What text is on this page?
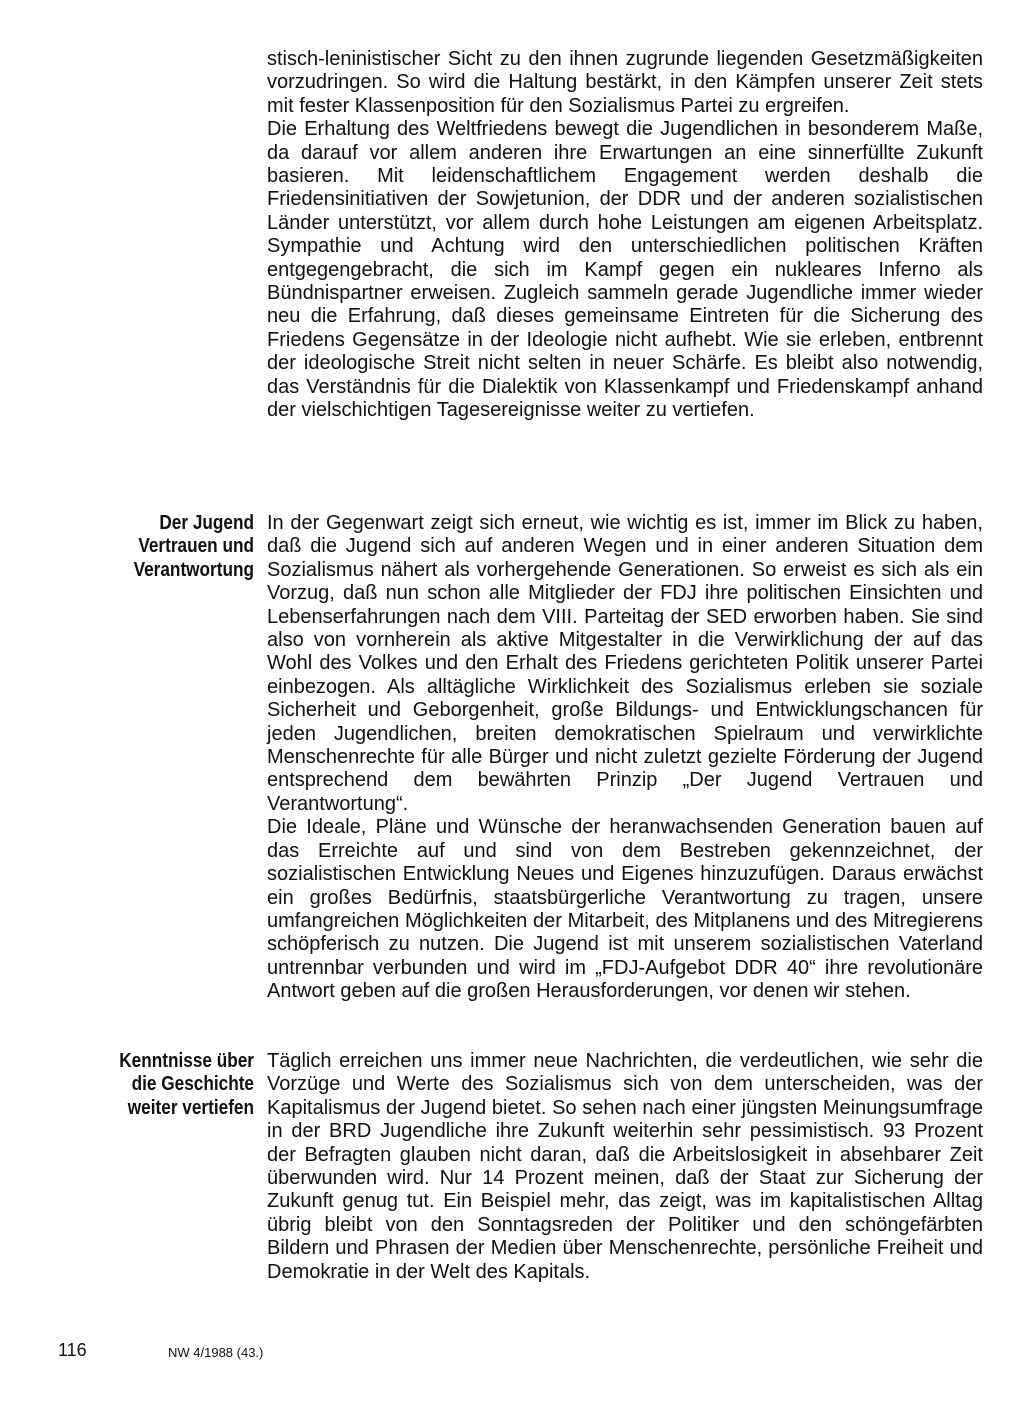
stisch-leninistischer Sicht zu den ihnen zugrunde liegenden Gesetzmäßigkeiten vorzudringen. So wird die Haltung bestärkt, in den Kämpfen unserer Zeit stets mit fester Klassenposition für den Sozialismus Partei zu ergreifen.

Die Erhaltung des Weltfriedens bewegt die Jugendlichen in besonderem Maße, da darauf vor allem anderen ihre Erwartungen an eine sinnerfüllte Zukunft basieren. Mit leidenschaftlichem Engagement werden deshalb die Friedensinitiativen der Sowjetunion, der DDR und der anderen sozialistischen Länder unterstützt, vor allem durch hohe Leistungen am eigenen Arbeitsplatz. Sympathie und Achtung wird den unterschiedlichen politischen Kräften entgegengebracht, die sich im Kampf gegen ein nukleares Inferno als Bündnispartner erweisen. Zugleich sammeln gerade Jugendliche immer wieder neu die Erfahrung, daß dieses gemeinsame Eintreten für die Sicherung des Friedens Gegensätze in der Ideologie nicht aufhebt. Wie sie erleben, entbrennt der ideologische Streit nicht selten in neuer Schärfe. Es bleibt also notwendig, das Verständnis für die Dialektik von Klassenkampf und Friedenskampf anhand der vielschichtigen Tagesereignisse weiter zu vertiefen.

Der Jugend
Vertrauen und
Verantwortung

In der Gegenwart zeigt sich erneut, wie wichtig es ist, immer im Blick zu haben, daß die Jugend sich auf anderen Wegen und in einer anderen Situation dem Sozialismus nähert als vorhergehende Generationen. So erweist es sich als ein Vorzug, daß nun schon alle Mitglieder der FDJ ihre politischen Einsichten und Lebenserfahrungen nach dem VIII. Parteitag der SED erworben haben. Sie sind also von vornherein als aktive Mitgestalter in die Verwirklichung der auf das Wohl des Volkes und den Erhalt des Friedens gerichteten Politik unserer Partei einbezogen. Als alltägliche Wirklichkeit des Sozialismus erleben sie soziale Sicherheit und Geborgenheit, große Bildungs- und Entwicklungschancen für jeden Jugendlichen, breiten demokratischen Spielraum und verwirklichte Menschenrechte für alle Bürger und nicht zuletzt gezielte Förderung der Jugend entsprechend dem bewährten Prinzip „Der Jugend Vertrauen und Verantwortung“.

Die Ideale, Pläne und Wünsche der heranwachsenden Generation bauen auf das Erreichte auf und sind von dem Bestreben gekennzeichnet, der sozialistischen Entwicklung Neues und Eigenes hinzuzufügen. Daraus erwächst ein großes Bedürfnis, staatsbürgerliche Verantwortung zu tragen, unsere umfangreichen Möglichkeiten der Mitarbeit, des Mitplanens und des Mitregierens schöpferisch zu nutzen. Die Jugend ist mit unserem sozialistischen Vaterland untrennbar verbunden und wird im „FDJ-Aufgebot DDR 40“ ihre revolutionäre Antwort geben auf die großen Herausforderungen, vor denen wir stehen.

Kenntnisse über
die Geschichte
weiter vertiefen

Täglich erreichen uns immer neue Nachrichten, die verdeutlichen, wie sehr die Vorzüge und Werte des Sozialismus sich von dem unterscheiden, was der Kapitalismus der Jugend bietet. So sehen nach einer jüngsten Meinungsumfrage in der BRD Jugendliche ihre Zukunft weiterhin sehr pessimistisch. 93 Prozent der Befragten glauben nicht daran, daß die Arbeitslosigkeit in absehbarer Zeit überwunden wird. Nur 14 Prozent meinen, daß der Staat zur Sicherung der Zukunft genug tut. Ein Beispiel mehr, das zeigt, was im kapitalistischen Alltag übrig bleibt von den Sonntagsreden der Politiker und den schöngefärbten Bildern und Phrasen der Medien über Menschenrechte, persönliche Freiheit und Demokratie in der Welt des Kapitals.

116	NW 4/1988 (43.)
